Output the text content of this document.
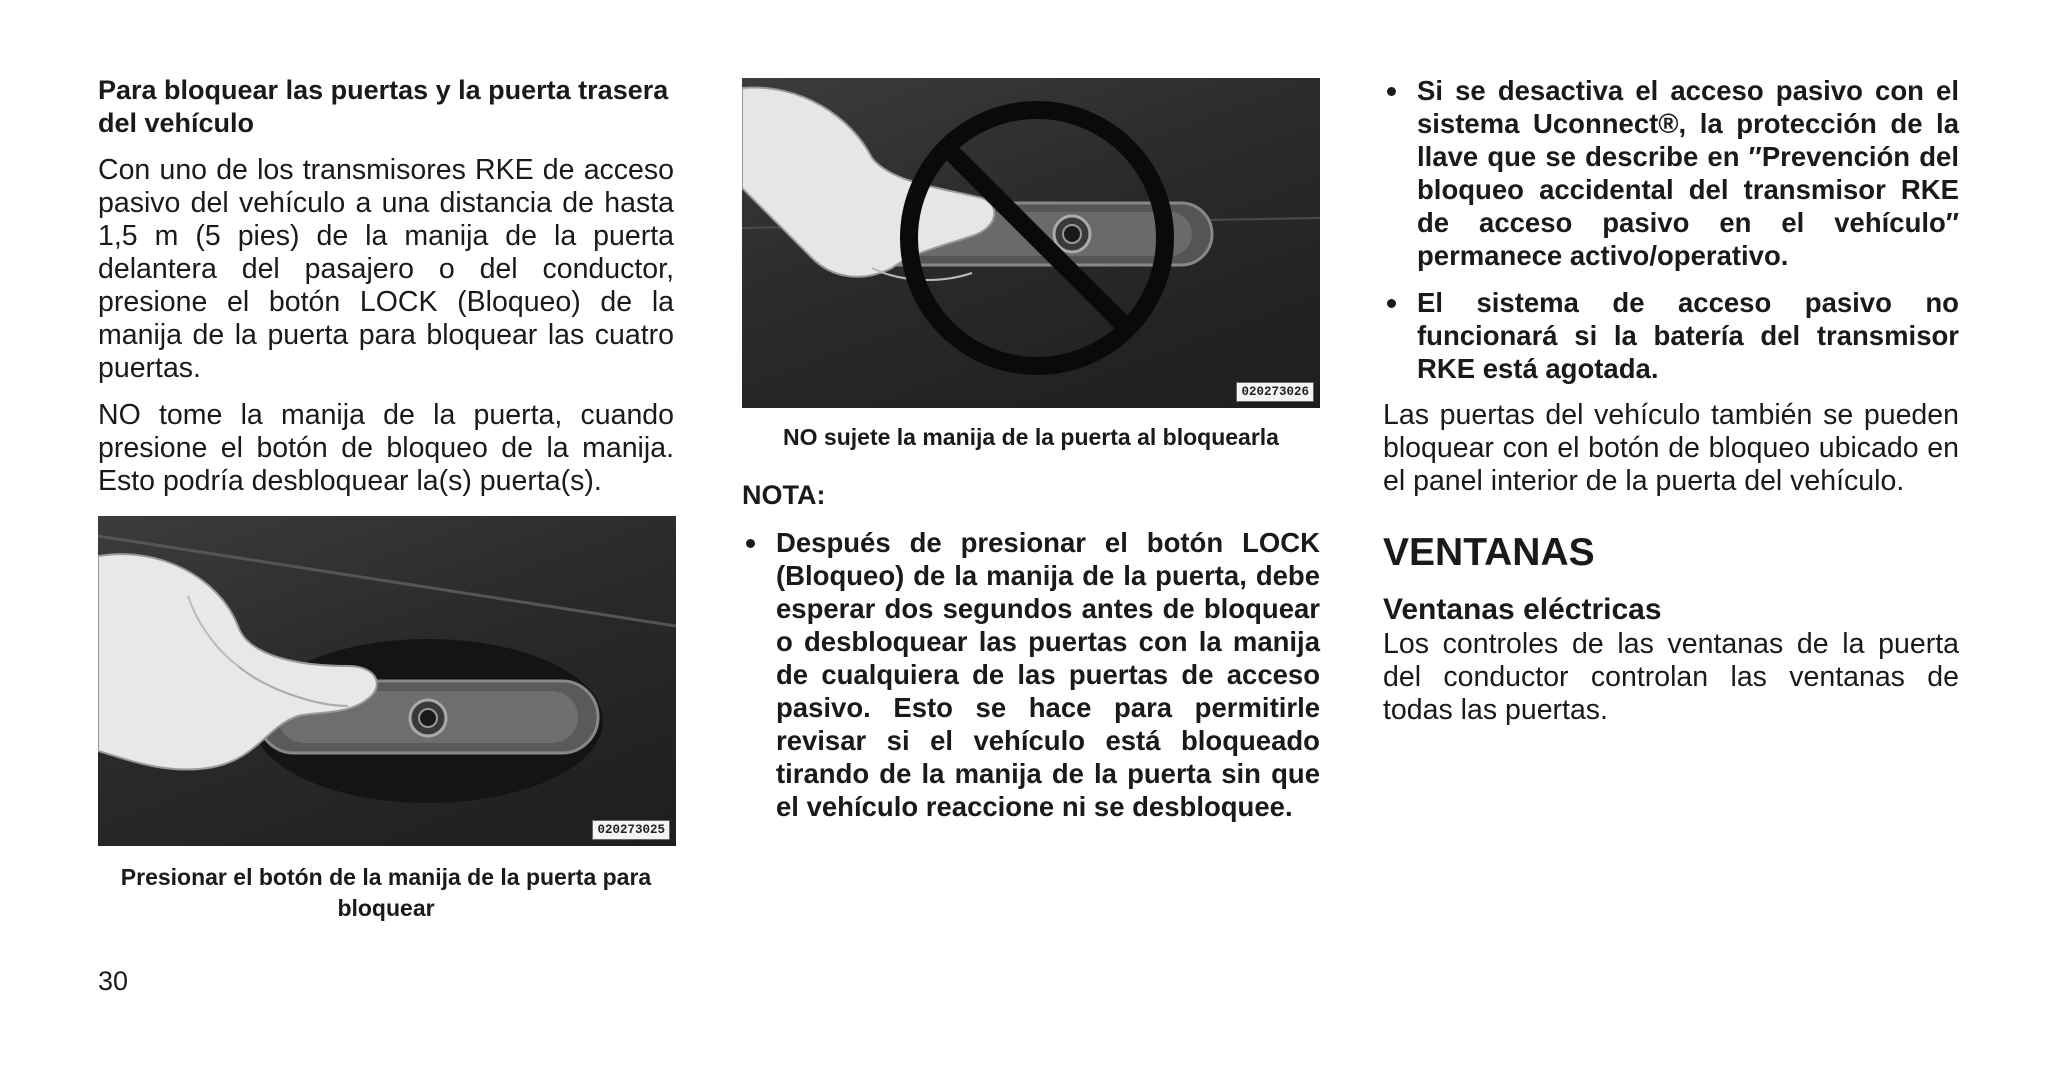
Para bloquear las puertas y la puerta trasera del vehículo

Con uno de los transmisores RKE de acceso pasivo del vehículo a una distancia de hasta 1,5 m (5 pies) de la manija de la puerta delantera del pasajero o del conductor, presione el botón LOCK (Bloqueo) de la manija de la puerta para bloquear las cuatro puertas.

NO tome la manija de la puerta, cuando presione el botón de bloqueo de la manija. Esto podría desbloquear la(s) puerta(s).

020273025
Presionar el botón de la manija de la puerta para bloquear
020273026
NO sujete la manija de la puerta al bloquearla
NOTA:
Después de presionar el botón LOCK (Bloqueo) de la manija de la puerta, debe esperar dos segundos antes de bloquear o desbloquear las puertas con la manija de cualquiera de las puertas de acceso pasivo. Esto se hace para permitirle revisar si el vehículo está bloqueado tirando de la manija de la puerta sin que el vehículo reaccione ni se desbloquee.
Si se desactiva el acceso pasivo con el sistema Uconnect®, la protección de la llave que se describe en ″Prevención del bloqueo accidental del transmisor RKE de acceso pasivo en el vehículo″ permanece activo/operativo.
El sistema de acceso pasivo no funcionará si la batería del transmisor RKE está agotada.

Las puertas del vehículo también se pueden bloquear con el botón de bloqueo ubicado en el panel interior de la puerta del vehículo.

VENTANAS
Ventanas eléctricas

Los controles de las ventanas de la puerta del conductor controlan las ventanas de todas las puertas.

30
